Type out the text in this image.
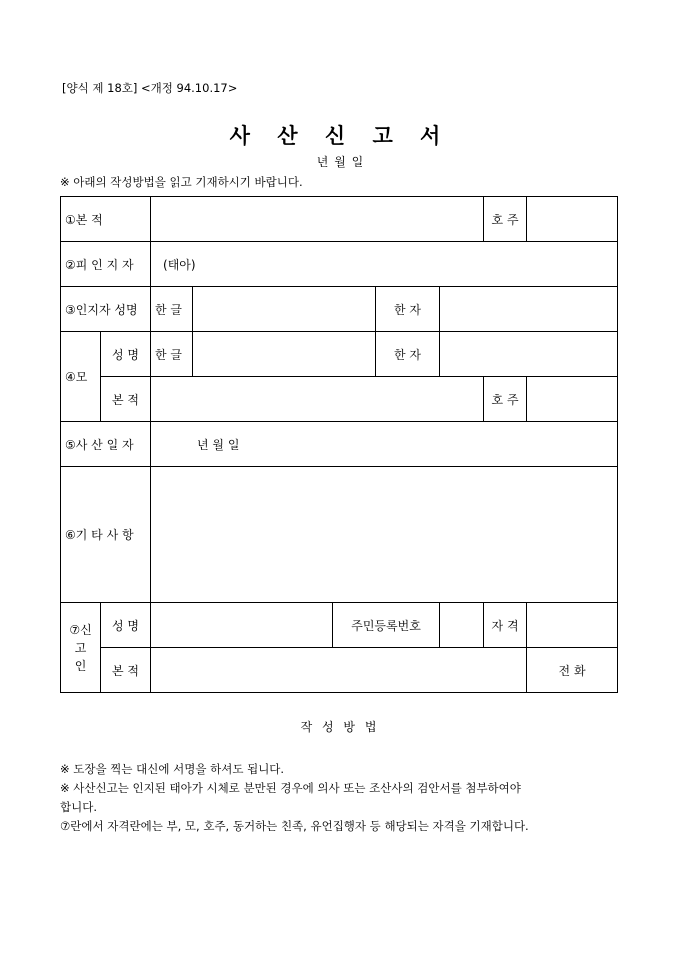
[양식 제 18호] <개정 94.10.17>
사 산 신 고 서
년 월 일
※ 아래의 작성방법을 읽고 기재하시기 바랍니다.
①본 적							호 주		
②피 인 지 자		(태아)							
③인지자 성명		한 글			한 자				
④모	성 명	한 글			한 자				
	본 적						호 주		
⑤사 산 일 자		년 월 일							
⑥기 타 사 항									

⑦신
고
인	성 명			주민등록번호			자 격		
	본 적							전 화	
작 성 방 법
※ 도장을 찍는 대신에 서명을 하셔도 됩니다.
※ 사산신고는 인지된 태아가 시체로 분만된 경우에 의사 또는 조산사의 검안서를 첨부하여야
합니다.
⑦란에서 자격란에는 부, 모, 호주, 동거하는 친족, 유언집행자 등 해당되는 자격을 기재합니다.
